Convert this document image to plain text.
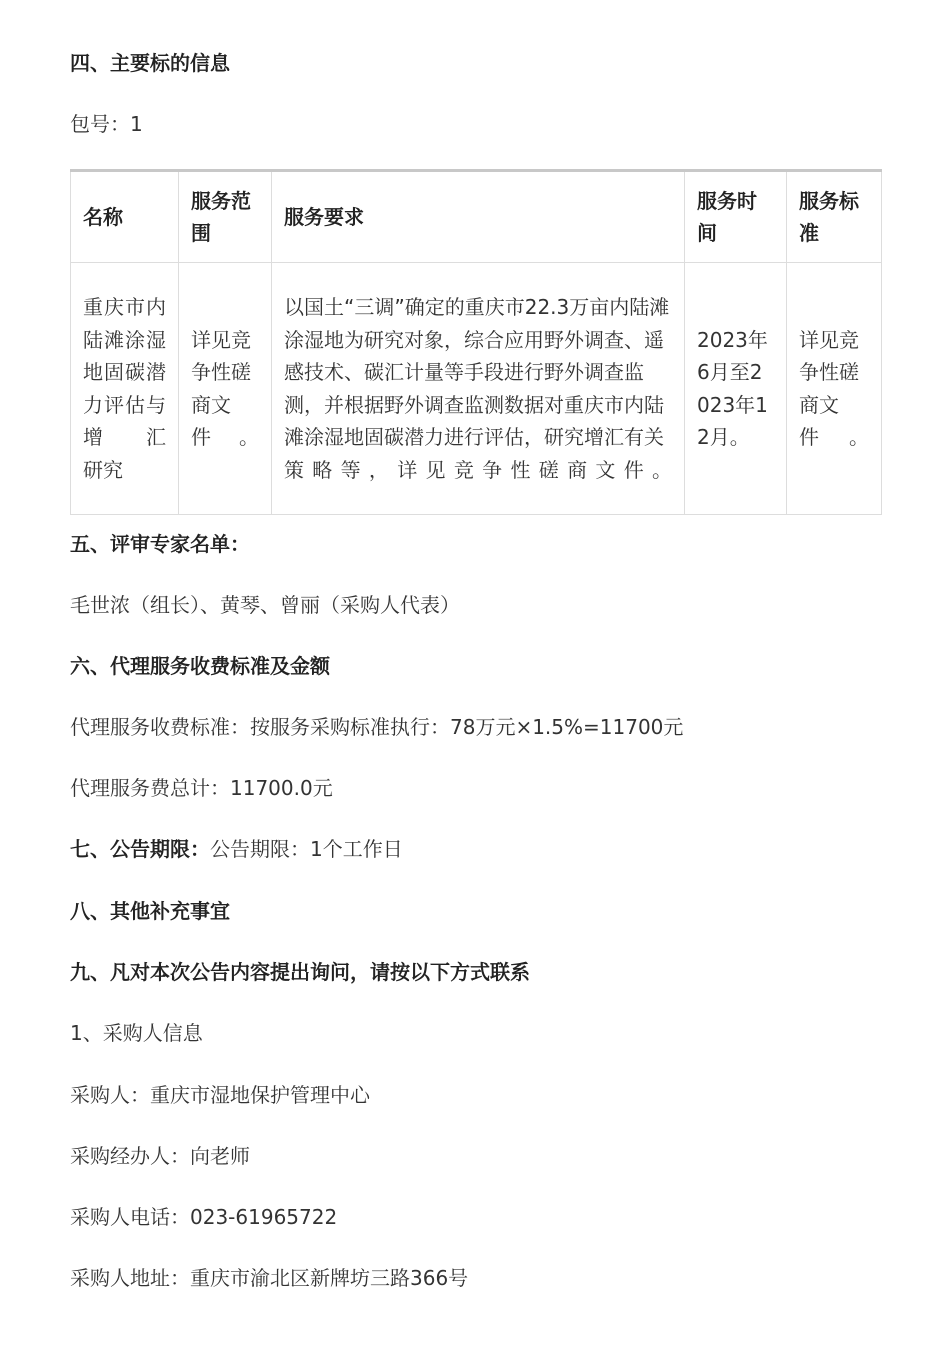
四、主要标的信息
包号：1
名称	服务范围	服务要求	服务时间	服务标准

重庆市内陆滩涂湿地固碳潜力评估与增汇
研究	详见竞争性磋商文件。	以国土“三调”确定的重庆市22.3万亩内陆滩涂湿地为研究对象，综合应用野外调查、遥感技术、碳汇计量等手段进行野外调查监测，并根据野外调查监测数据对重庆市内陆滩涂湿地固碳潜力进行评估，研究增汇有关策略等，详见竞争性磋商文件。	2023年6月至2023年12月。	详见竞争性磋商文件。
五、评审专家名单：
毛世浓（组长）、黄琴、曾丽（采购人代表）
六、代理服务收费标准及金额
代理服务收费标准：按服务采购标准执行：78万元×1.5%=11700元
代理服务费总计：11700.0元
七、公告期限：公告期限：1个工作日
八、其他补充事宜
九、凡对本次公告内容提出询问，请按以下方式联系
1、采购人信息
采购人：重庆市湿地保护管理中心
采购经办人：向老师
采购人电话：023-61965722
采购人地址：重庆市渝北区新牌坊三路366号
